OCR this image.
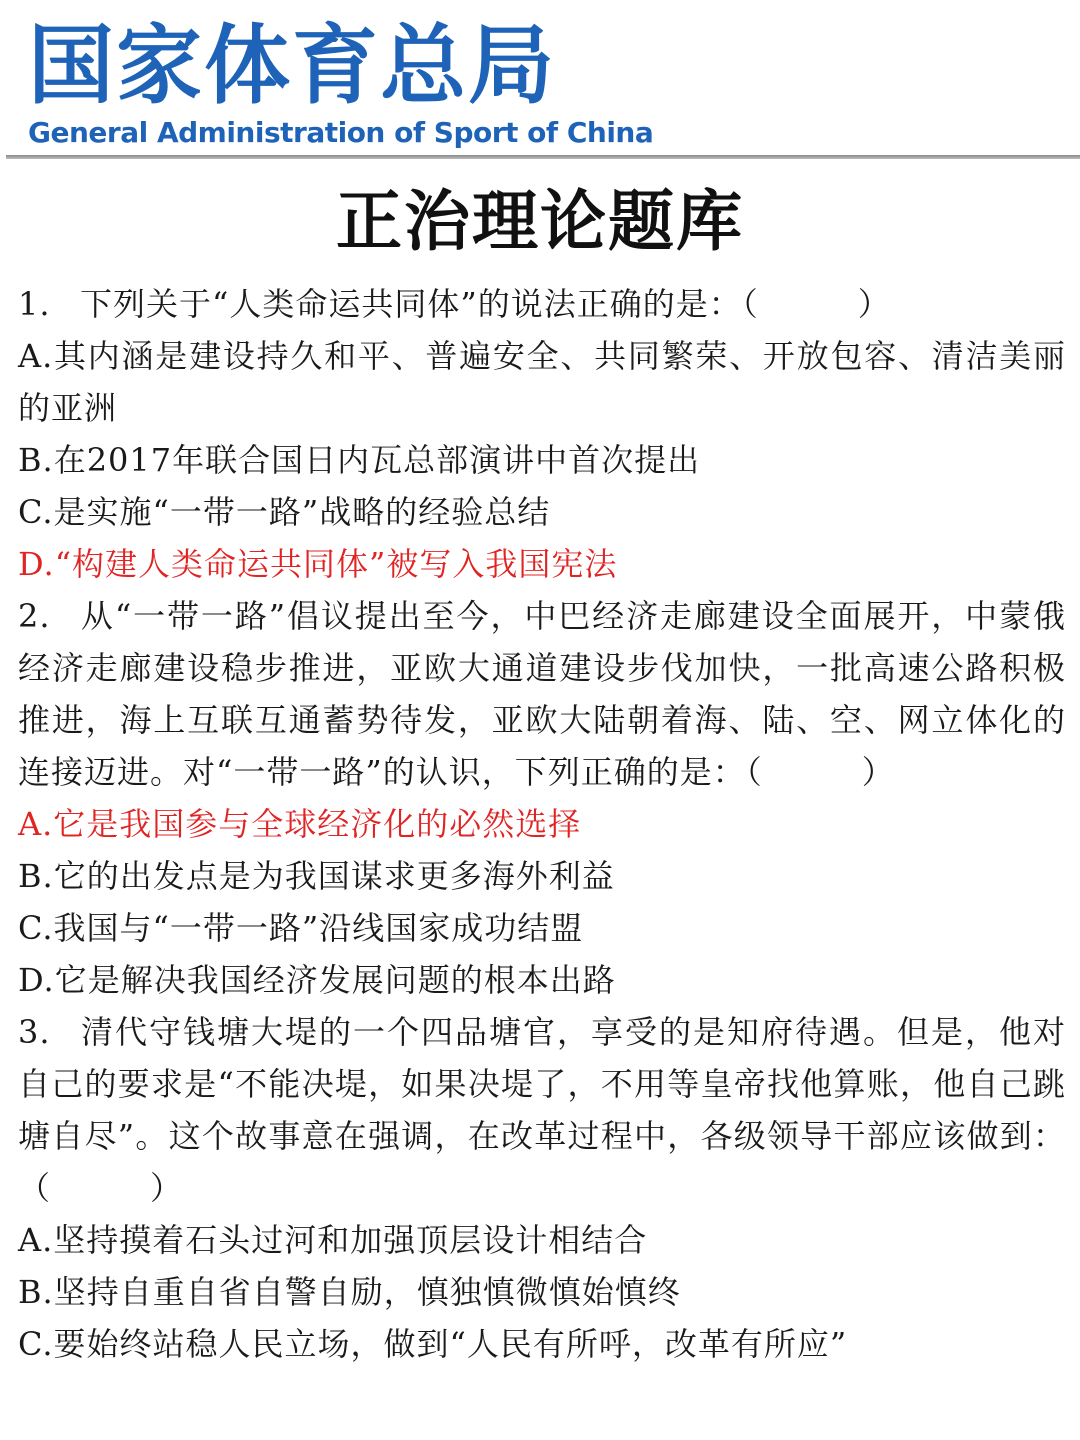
国家体育总局
General Administration of Sport of China
正治理论题库

1. 下列关于“人类命运共同体”的说法正确的是：（　　　）

A.其内涵是建设持久和平、普遍安全、共同繁荣、开放包容、清洁美丽的亚洲

B.在2017年联合国日内瓦总部演讲中首次提出

C.是实施“一带一路”战略的经验总结

D.“构建人类命运共同体”被写入我国宪法

2. 从“一带一路”倡议提出至今，中巴经济走廊建设全面展开，中蒙俄经济走廊建设稳步推进，亚欧大通道建设步伐加快，一批高速公路积极推进，海上互联互通蓄势待发，亚欧大陆朝着海、陆、空、网立体化的连接迈进。对“一带一路”的认识，下列正确的是：（　　　）

A.它是我国参与全球经济化的必然选择

B.它的出发点是为我国谋求更多海外利益

C.我国与“一带一路”沿线国家成功结盟

D.它是解决我国经济发展问题的根本出路

3. 清代守钱塘大堤的一个四品塘官，享受的是知府待遇。但是，他对自己的要求是“不能决堤，如果决堤了，不用等皇帝找他算账，他自己跳塘自尽”。这个故事意在强调，在改革过程中，各级领导干部应该做到：（　　　）

A.坚持摸着石头过河和加强顶层设计相结合

B.坚持自重自省自警自励，慎独慎微慎始慎终

C.要始终站稳人民立场，做到“人民有所呼，改革有所应”
